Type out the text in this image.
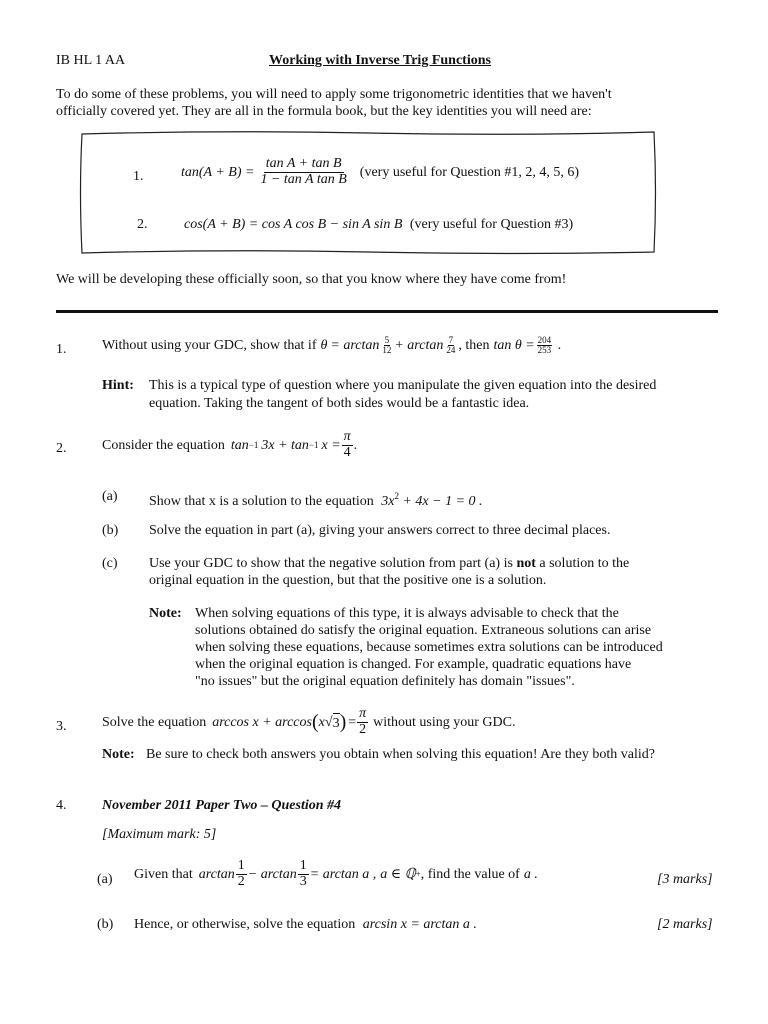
IB HL 1 AA	Working with Inverse Trig Functions
To do some of these problems, you will need to apply some trigonometric identities that we haven't
officially covered yet. They are all in the formula book, but the key identities you will need are:
1.	$\tan(A + B) = \frac{\text{tan A + tan B}}{\text{1 − tan A tan B}}$ (very useful for Question #1, 2, 4, 5, 6)
2.	cos(A + B) = cos A cos B − sin A sin B (very useful for Question #3)
We will be developing these officially soon, so that you know where they have come from!
1.	Without using your GDC, show that if $\theta = \arctan \frac{5}{12} + \arctan \frac{7}{24}$ , then $\tan \theta = \frac{204}{253}$ .
Hint: This is a typical type of question where you manipulate the given equation into the desired
equation. Taking the tangent of both sides would be a fantastic idea.
2.	Consider the equation tan −1 3x + tan −1 $x = \frac{\pi}{4}$ .
(a) Show that x is a solution to the equation $3x^2 + 4x - 1 = 0$ .
(b) Solve the equation in part (a), giving your answers correct to three decimal places.
(c) Use your GDC to show that the negative solution from part (a) is not a solution to the
original equation in the question, but that the positive one is a solution.
Note: When solving equations of this type, it is always advisable to check that the
solutions obtained do satisfy the original equation. Extraneous solutions can arise
when solving these equations, because sometimes extra solutions can be introduced
when the original equation is changed. For example, quadratic equations have
"no issues" but the original equation definitely has domain "issues".
3.	Solve the equation arccos x + arccos ( x √ 3 ) = $\frac{\pi}{2}$ without using your GDC.
Note: Be sure to check both answers you obtain when solving this equation! Are they both valid?
4.	November 2011 Paper Two – Question #4
[Maximum mark: 5]
(a) Given that $\arctan \frac{1}{2} - \arctan \frac{1}{3} = \arctan a$ , a ∈ ℚ + , find the value of a .	[3 marks]
(b) Hence, or otherwise, solve the equation arcsin x = arctan a .	[2 marks]
